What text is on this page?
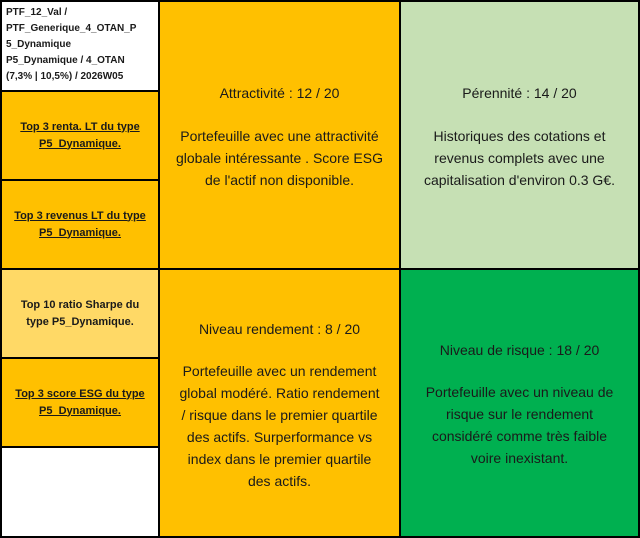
PTF_12_Val /
PTF_Generique_4_OTAN_P
5_Dynamique
P5_Dynamique / 4_OTAN
(7,3% | 10,5%) / 2026W05
Top 3 renta. LT du type
P5_Dynamique.
Top 3 revenus LT du type
P5_Dynamique.
Top 10 ratio Sharpe du
type P5_Dynamique.
Top 3 score ESG du type
P5_Dynamique.
Attractivité : 12 / 20
Portefeuille avec une attractivité
globale intéressante . Score ESG
de l'actif non disponible.
Pérennité : 14 / 20
Historiques des cotations et
revenus complets avec une
capitalisation d'environ 0.3 G€.
Niveau rendement : 8 / 20
Portefeuille avec un rendement
global modéré. Ratio rendement
/ risque dans le premier quartile
des actifs. Surperformance vs
index dans le premier quartile
des actifs.
Niveau de risque : 18 / 20
Portefeuille avec un niveau de
risque sur le rendement
considéré comme très faible
voire inexistant.
